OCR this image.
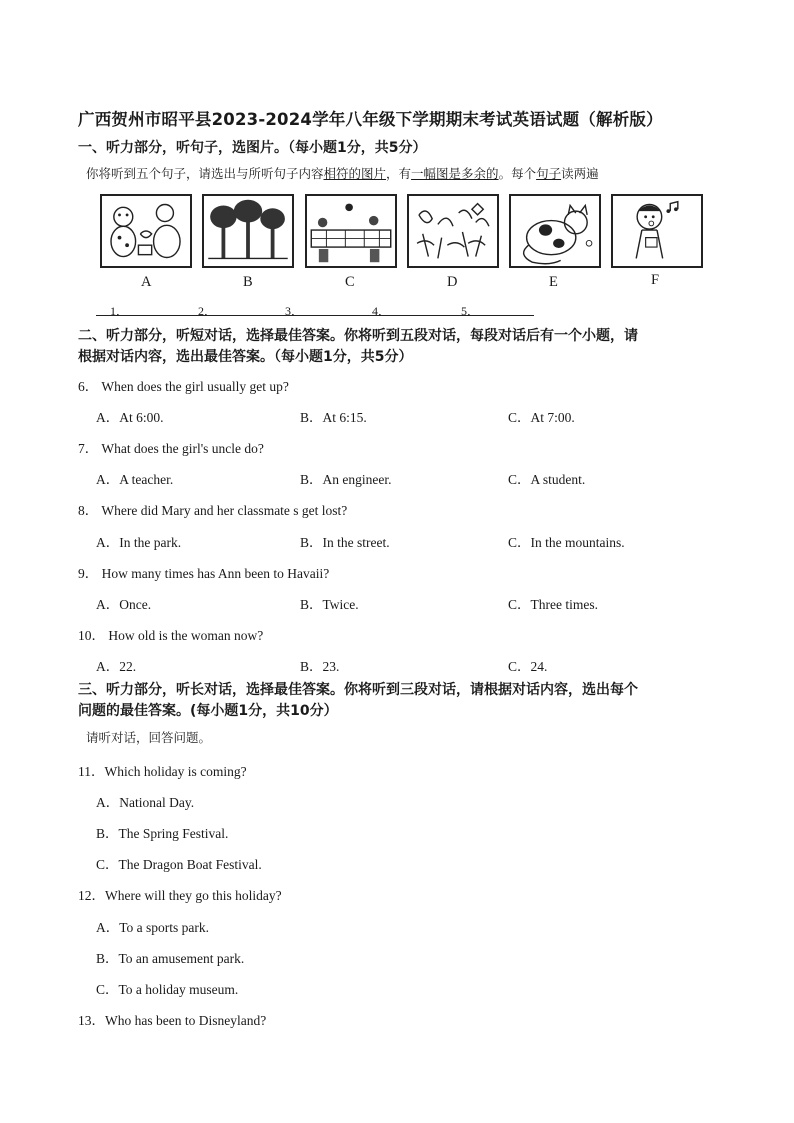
广西贺州市昭平县2023-2024学年八年级下学期期末考试英语试题（解析版）
一、听力部分，听句子，选图片。（每小题1分，共5分）
你将听到五个句子，请选出与所听句子内容相符的图片，有一幅图是多余的。每个句子读两遍
A	B	C	D	E	F
1．	2．	3．	4．	5．
二、听力部分，听短对话，选择最佳答案。你将听到五段对话，每段对话后有一个小题，请
根据对话内容，选出最佳答案。（每小题1分，共5分）
6． When does the girl usually get up?
A．At 6:00.	B．At 6:15.	C．At 7:00.
7． What does the girl's uncle do?
A．A teacher.	B．An engineer.	C．A student.
8． Where did Mary and her classmate s get lost?
A．In the park.	B．In the street.	C．In the mountains.
9． How many times has Ann been to Havaii?
A．Once.	B．Twice.	C．Three times.
10． How old is the woman now?
A．22.	B．23.	C．24.
三、听力部分，听长对话，选择最佳答案。你将听到三段对话，请根据对话内容，选出每个
问题的最佳答案。(每小题1分，共10分）
请听对话，回答问题。
11．Which holiday is coming?
A．National Day.
B．The Spring Festival.
C．The Dragon Boat Festival.
12．Where will they go this holiday?
A．To a sports park.
B．To an amusement park.
C．To a holiday museum.
13．Who has been to Disneyland?
